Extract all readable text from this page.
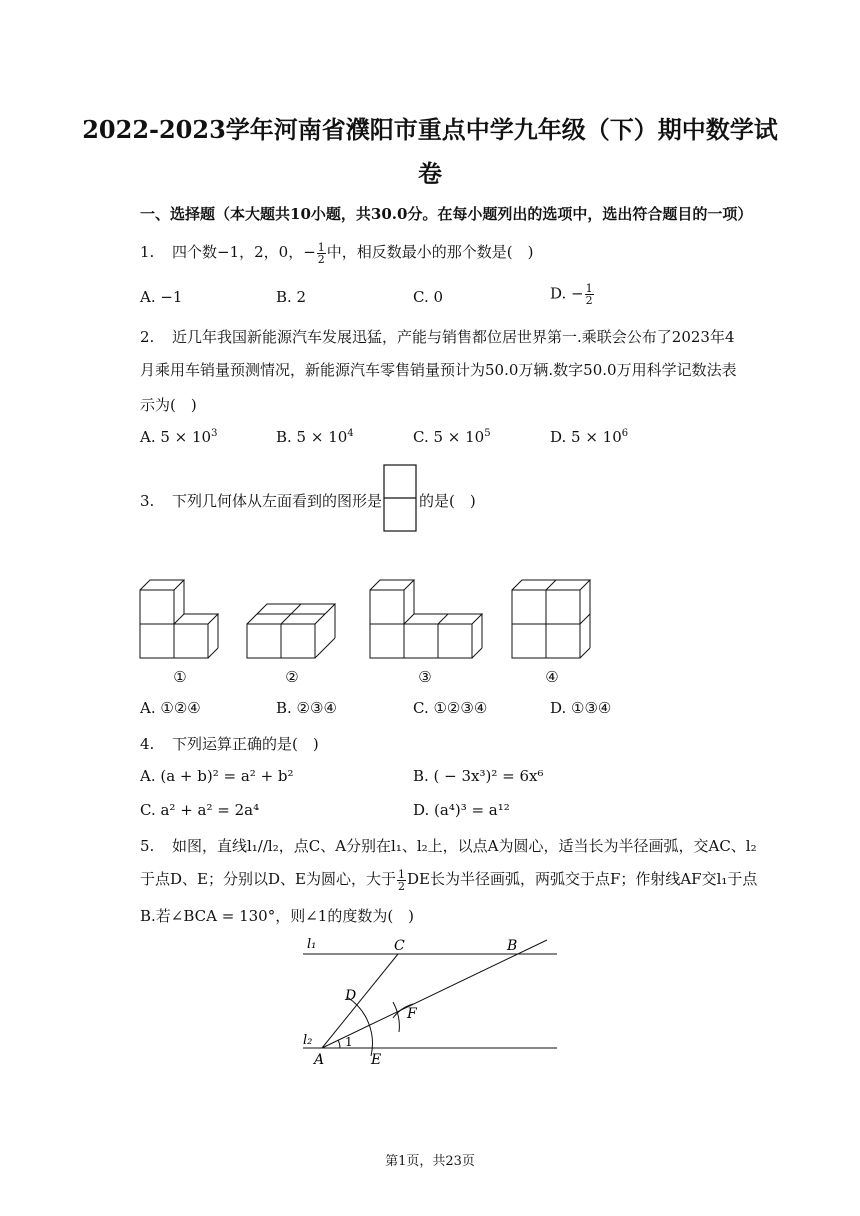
2022-2023学年河南省濮阳市重点中学九年级（下）期中数学试
卷
一、选择题（本大题共10小题，共30.0分。在每小题列出的选项中，选出符合题目的一项）
1. 四个数−1，2，0，− $\frac{1}{2}$ 中，相反数最小的那个数是(　)
A. −1	B. 2	C. 0	D. − $\frac{1}{2}$
2. 近几年我国新能源汽车发展迅猛，产能与销售都位居世界第一.乘联会公布了2023年4
月乘用车销量预测情况，新能源汽车零售销量预计为50.0万辆.数字50.0万用科学记数法表
示为(　)
A. $5 \times 10^3$	B. $5 \times 10^4$	C. $5 \times 10^5$	D. $5 \times 10^6$
3. 下列几何体从左面看到的图形是 的是(　)
①	②	③	④
A. ①②④	B. ②③④	C. ①②③④	D. ①③④
4. 下列运算正确的是(　)
A. (a + b)² = a² + b²	B. ( − 3x³)² = 6x⁶
C. a² + a² = 2a⁴	D. (a⁴)³ = a¹²
5. 如图，直线l₁//l₂，点C、A分别在l₁、l₂上，以点A为圆心，适当长为半径画弧，交AC、l₂
于点D、E；分别以D、E为圆心，大于 $\frac{1}{2}$ DE长为半径画弧，两弧交于点F；作射线AF交l₁于点
B.若∠BCA = 130°，则∠1的度数为(　)
l₁	C	B
D
F
l₂	1
A	E
第1页，共23页
